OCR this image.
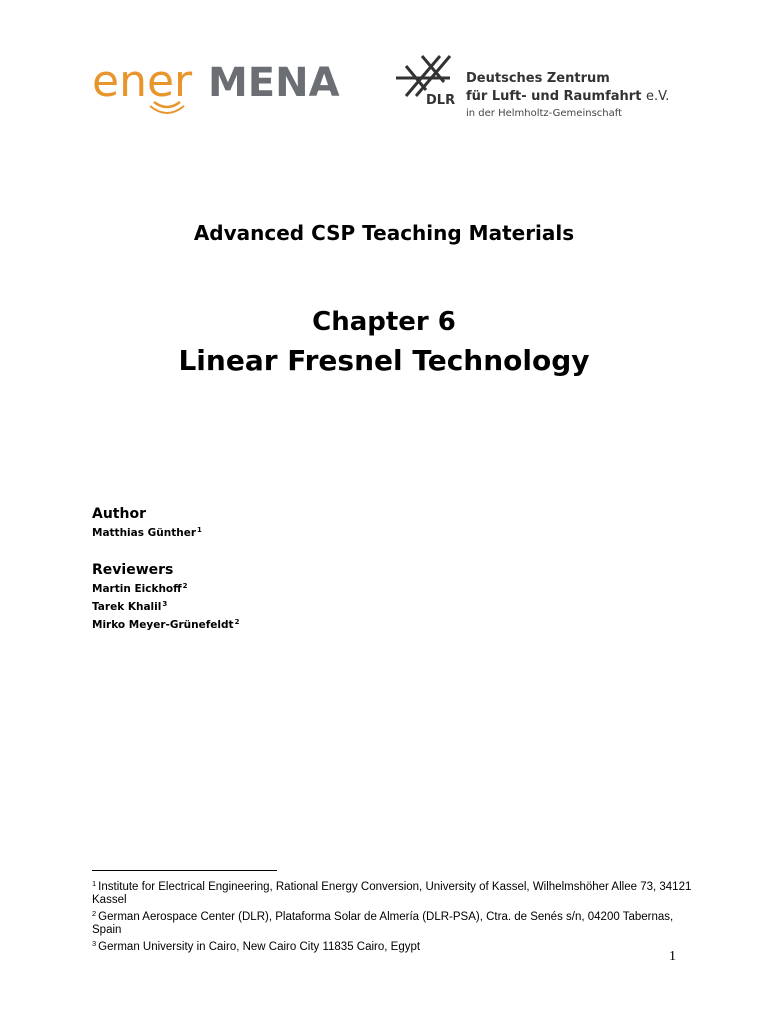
ener MENA	DLR
Deutsches Zentrum
für Luft- und Raumfahrt e.V.
in der Helmholtz-Gemeinschaft
Advanced CSP Teaching Materials
Chapter 6
Linear Fresnel Technology

Author

Matthias Günther$^1$

Reviewers

Martin Eickhoff$^2$

Tarek Khalil$^3$

Mirko Meyer-Grünefeldt$^2$

$^1$ Institute for Electrical Engineering, Rational Energy Conversion, University of Kassel, Wilhelmshöher Allee 73, 34121 Kassel

$^2$ German Aerospace Center (DLR), Plataforma Solar de Almería (DLR-PSA), Ctra. de Senés s/n, 04200 Tabernas, Spain

$^3$ German University in Cairo, New Cairo City 11835 Cairo, Egypt

1
